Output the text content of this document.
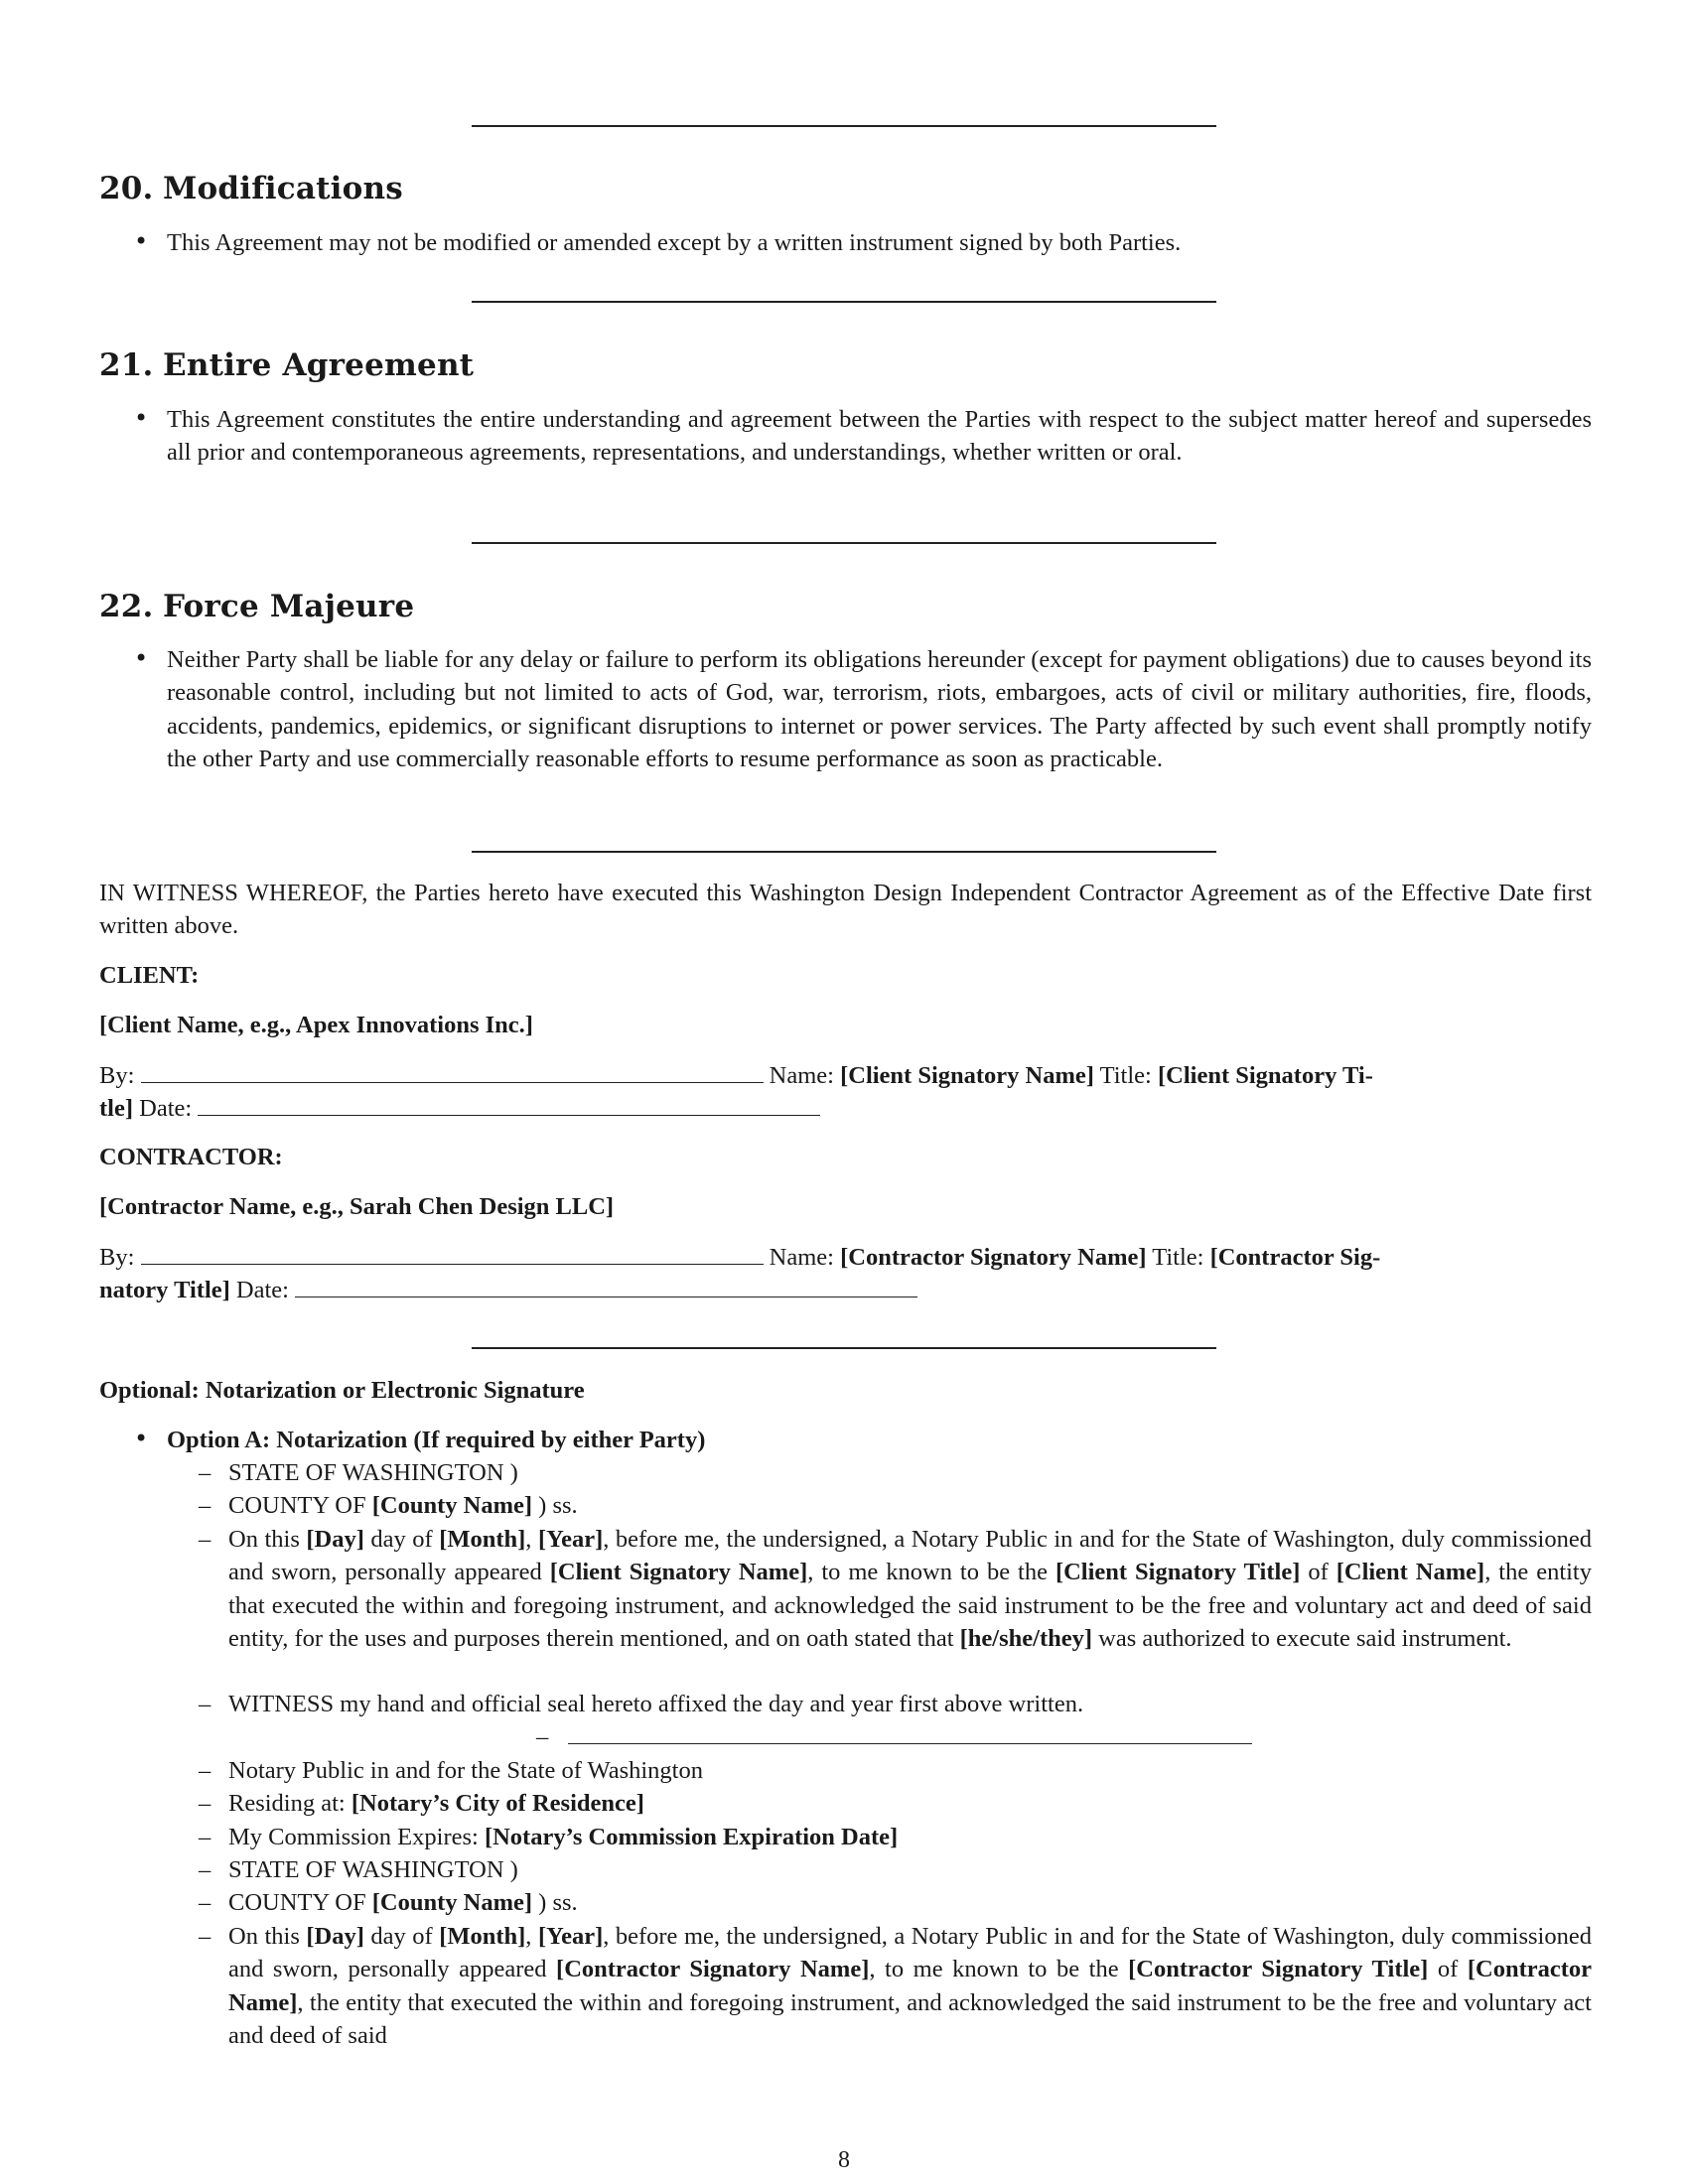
20. Modifications
• This Agreement may not be modified or amended except by a written instrument signed by both Parties.
21. Entire Agreement
• This Agreement constitutes the entire understanding and agreement between the Parties with respect to the subject matter hereof and supersedes all prior and contemporaneous agreements, representations, and understandings, whether written or oral.
22. Force Majeure
• Neither Party shall be liable for any delay or failure to perform its obligations hereunder (except for payment obligations) due to causes beyond its reasonable control, including but not limited to acts of God, war, terrorism, riots, embargoes, acts of civil or military authorities, fire, floods, accidents, pandemics, epidemics, or significant disruptions to internet or power services. The Party affected by such event shall promptly notify the other Party and use commercially reasonable efforts to resume performance as soon as practicable.
IN WITNESS WHEREOF, the Parties hereto have executed this Washington Design Independent Contractor Agreement as of the Effective Date first written above.
CLIENT:
[Client Name, e.g., Apex Innovations Inc.]
By:	Name: [Client Signatory Name] Title: [Client Signatory Ti-
tle] Date:
CONTRACTOR:
[Contractor Name, e.g., Sarah Chen Design LLC]
By:	Name: [Contractor Signatory Name] Title: [Contractor Sig-
natory Title] Date:
Optional: Notarization or Electronic Signature
• Option A: Notarization (If required by either Party)
– STATE OF WASHINGTON )
– COUNTY OF [County Name] ) ss.
– On this [Day] day of [Month], [Year], before me, the undersigned, a Notary Public in and for the State of Washington, duly commissioned and sworn, personally appeared [Client Signatory Name], to me known to be the [Client Signatory Title] of [Client Name], the entity that executed the within and foregoing instrument, and acknowledged the said instrument to be the free and voluntary act and deed of said entity, for the uses and purposes therein mentioned, and on oath stated that [he/she/they] was authorized to execute said instrument.
– WITNESS my hand and official seal hereto affixed the day and year first above written.
–
– Notary Public in and for the State of Washington
– Residing at: [Notary’s City of Residence]
– My Commission Expires: [Notary’s Commission Expiration Date]
– STATE OF WASHINGTON )
– COUNTY OF [County Name] ) ss.
– On this [Day] day of [Month], [Year], before me, the undersigned, a Notary Public in and for the State of Washington, duly commissioned and sworn, personally appeared [Contractor Signatory Name], to me known to be the [Contractor Signatory Title] of [Contractor Name], the entity that executed the within and foregoing instrument, and acknowledged the said instrument to be the free and voluntary act and deed of said
8
